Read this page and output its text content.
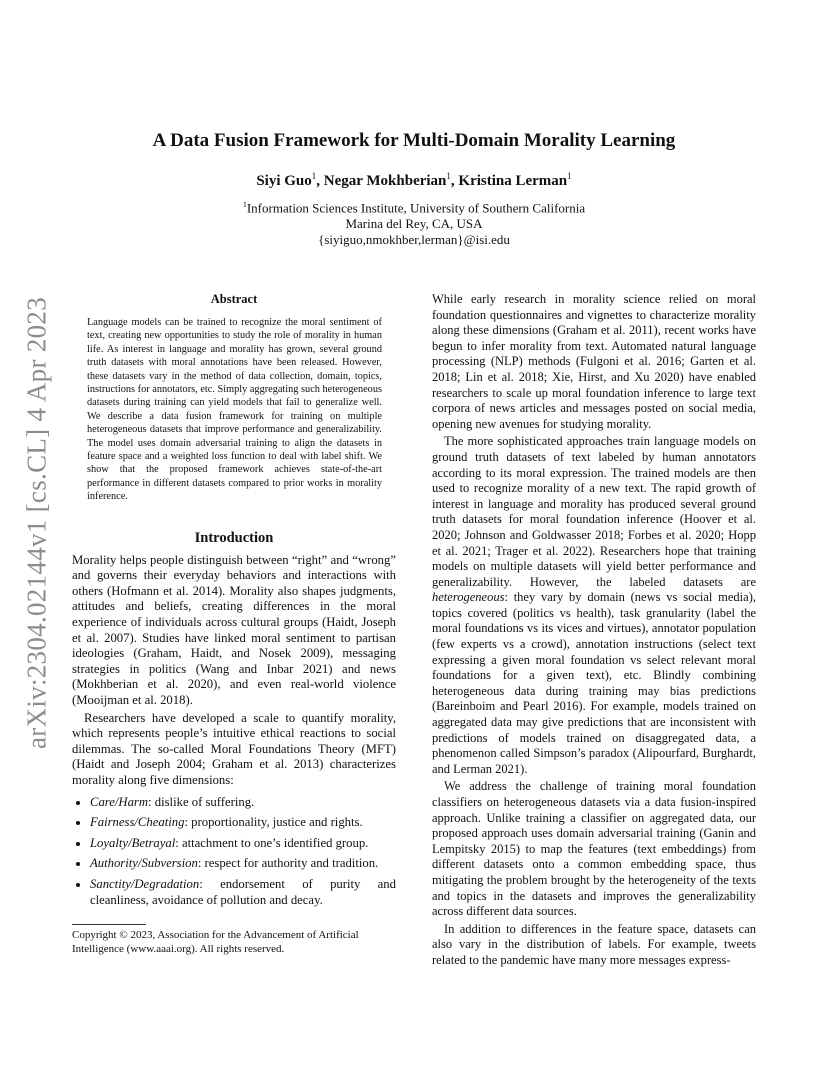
arXiv:2304.02144v1 [cs.CL] 4 Apr 2023
A Data Fusion Framework for Multi-Domain Morality Learning
Siyi Guo$^1$, Negar Mokhberian$^1$, Kristina Lerman$^1$
$^1$Information Sciences Institute, University of Southern California
Marina del Rey, CA, USA
{siyiguo,nmokhber,lerman}@isi.edu
Abstract

Language models can be trained to recognize the moral sentiment of text, creating new opportunities to study the role of morality in human life. As interest in language and morality has grown, several ground truth datasets with moral annotations have been released. However, these datasets vary in the method of data collection, domain, topics, instructions for annotators, etc. Simply aggregating such heterogeneous datasets during training can yield models that fail to generalize well. We describe a data fusion framework for training on multiple heterogeneous datasets that improve performance and generalizability. The model uses domain adversarial training to align the datasets in feature space and a weighted loss function to deal with label shift. We show that the proposed framework achieves state-of-the-art performance in different datasets compared to prior works in morality inference.

Introduction

Morality helps people distinguish between “right” and “wrong” and governs their everyday behaviors and interactions with others (Hofmann et al. 2014). Morality also shapes judgments, attitudes and beliefs, creating differences in the moral experience of individuals across cultural groups (Haidt, Joseph et al. 2007). Studies have linked moral sentiment to partisan ideologies (Graham, Haidt, and Nosek 2009), messaging strategies in politics (Wang and Inbar 2021) and news (Mokhberian et al. 2020), and even real-world violence (Mooijman et al. 2018).

Researchers have developed a scale to quantify morality, which represents people’s intuitive ethical reactions to social dilemmas. The so-called Moral Foundations Theory (MFT) (Haidt and Joseph 2004; Graham et al. 2013) characterizes morality along five dimensions:

• Care/Harm: dislike of suffering.
• Fairness/Cheating: proportionality, justice and rights.
• Loyalty/Betrayal: attachment to one’s identified group.
• Authority/Subversion: respect for authority and tradition.
• Sanctity/Degradation: endorsement of purity and cleanliness, avoidance of pollution and decay.
Copyright © 2023, Association for the Advancement of Artificial Intelligence (www.aaai.org). All rights reserved.

While early research in morality science relied on moral foundation questionnaires and vignettes to characterize morality along these dimensions (Graham et al. 2011), recent works have begun to infer morality from text. Automated natural language processing (NLP) methods (Fulgoni et al. 2016; Garten et al. 2018; Lin et al. 2018; Xie, Hirst, and Xu 2020) have enabled researchers to scale up moral foundation inference to large text corpora of news articles and messages posted on social media, opening new avenues for studying morality.

The more sophisticated approaches train language models on ground truth datasets of text labeled by human annotators according to its moral expression. The trained models are then used to recognize morality of a new text. The rapid growth of interest in language and morality has produced several ground truth datasets for moral foundation inference (Hoover et al. 2020; Johnson and Goldwasser 2018; Forbes et al. 2020; Hopp et al. 2021; Trager et al. 2022). Researchers hope that training models on multiple datasets will yield better performance and generalizability. However, the labeled datasets are heterogeneous: they vary by domain (news vs social media), topics covered (politics vs health), task granularity (label the moral foundations vs its vices and virtues), annotator population (few experts vs a crowd), annotation instructions (select text expressing a given moral foundation vs select relevant moral foundations for a given text), etc. Blindly combining heterogeneous data during training may bias predictions (Bareinboim and Pearl 2016). For example, models trained on aggregated data may give predictions that are inconsistent with predictions of models trained on disaggregated data, a phenomenon called Simpson’s paradox (Alipourfard, Burghardt, and Lerman 2021).

We address the challenge of training moral foundation classifiers on heterogeneous datasets via a data fusion-inspired approach. Unlike training a classifier on aggregated data, our proposed approach uses domain adversarial training (Ganin and Lempitsky 2015) to map the features (text embeddings) from different datasets onto a common embedding space, thus mitigating the problem brought by the heterogeneity of the texts and topics in the datasets and improves the generalizability across different data sources.

In addition to differences in the feature space, datasets can also vary in the distribution of labels. For example, tweets related to the pandemic have many more messages express-
